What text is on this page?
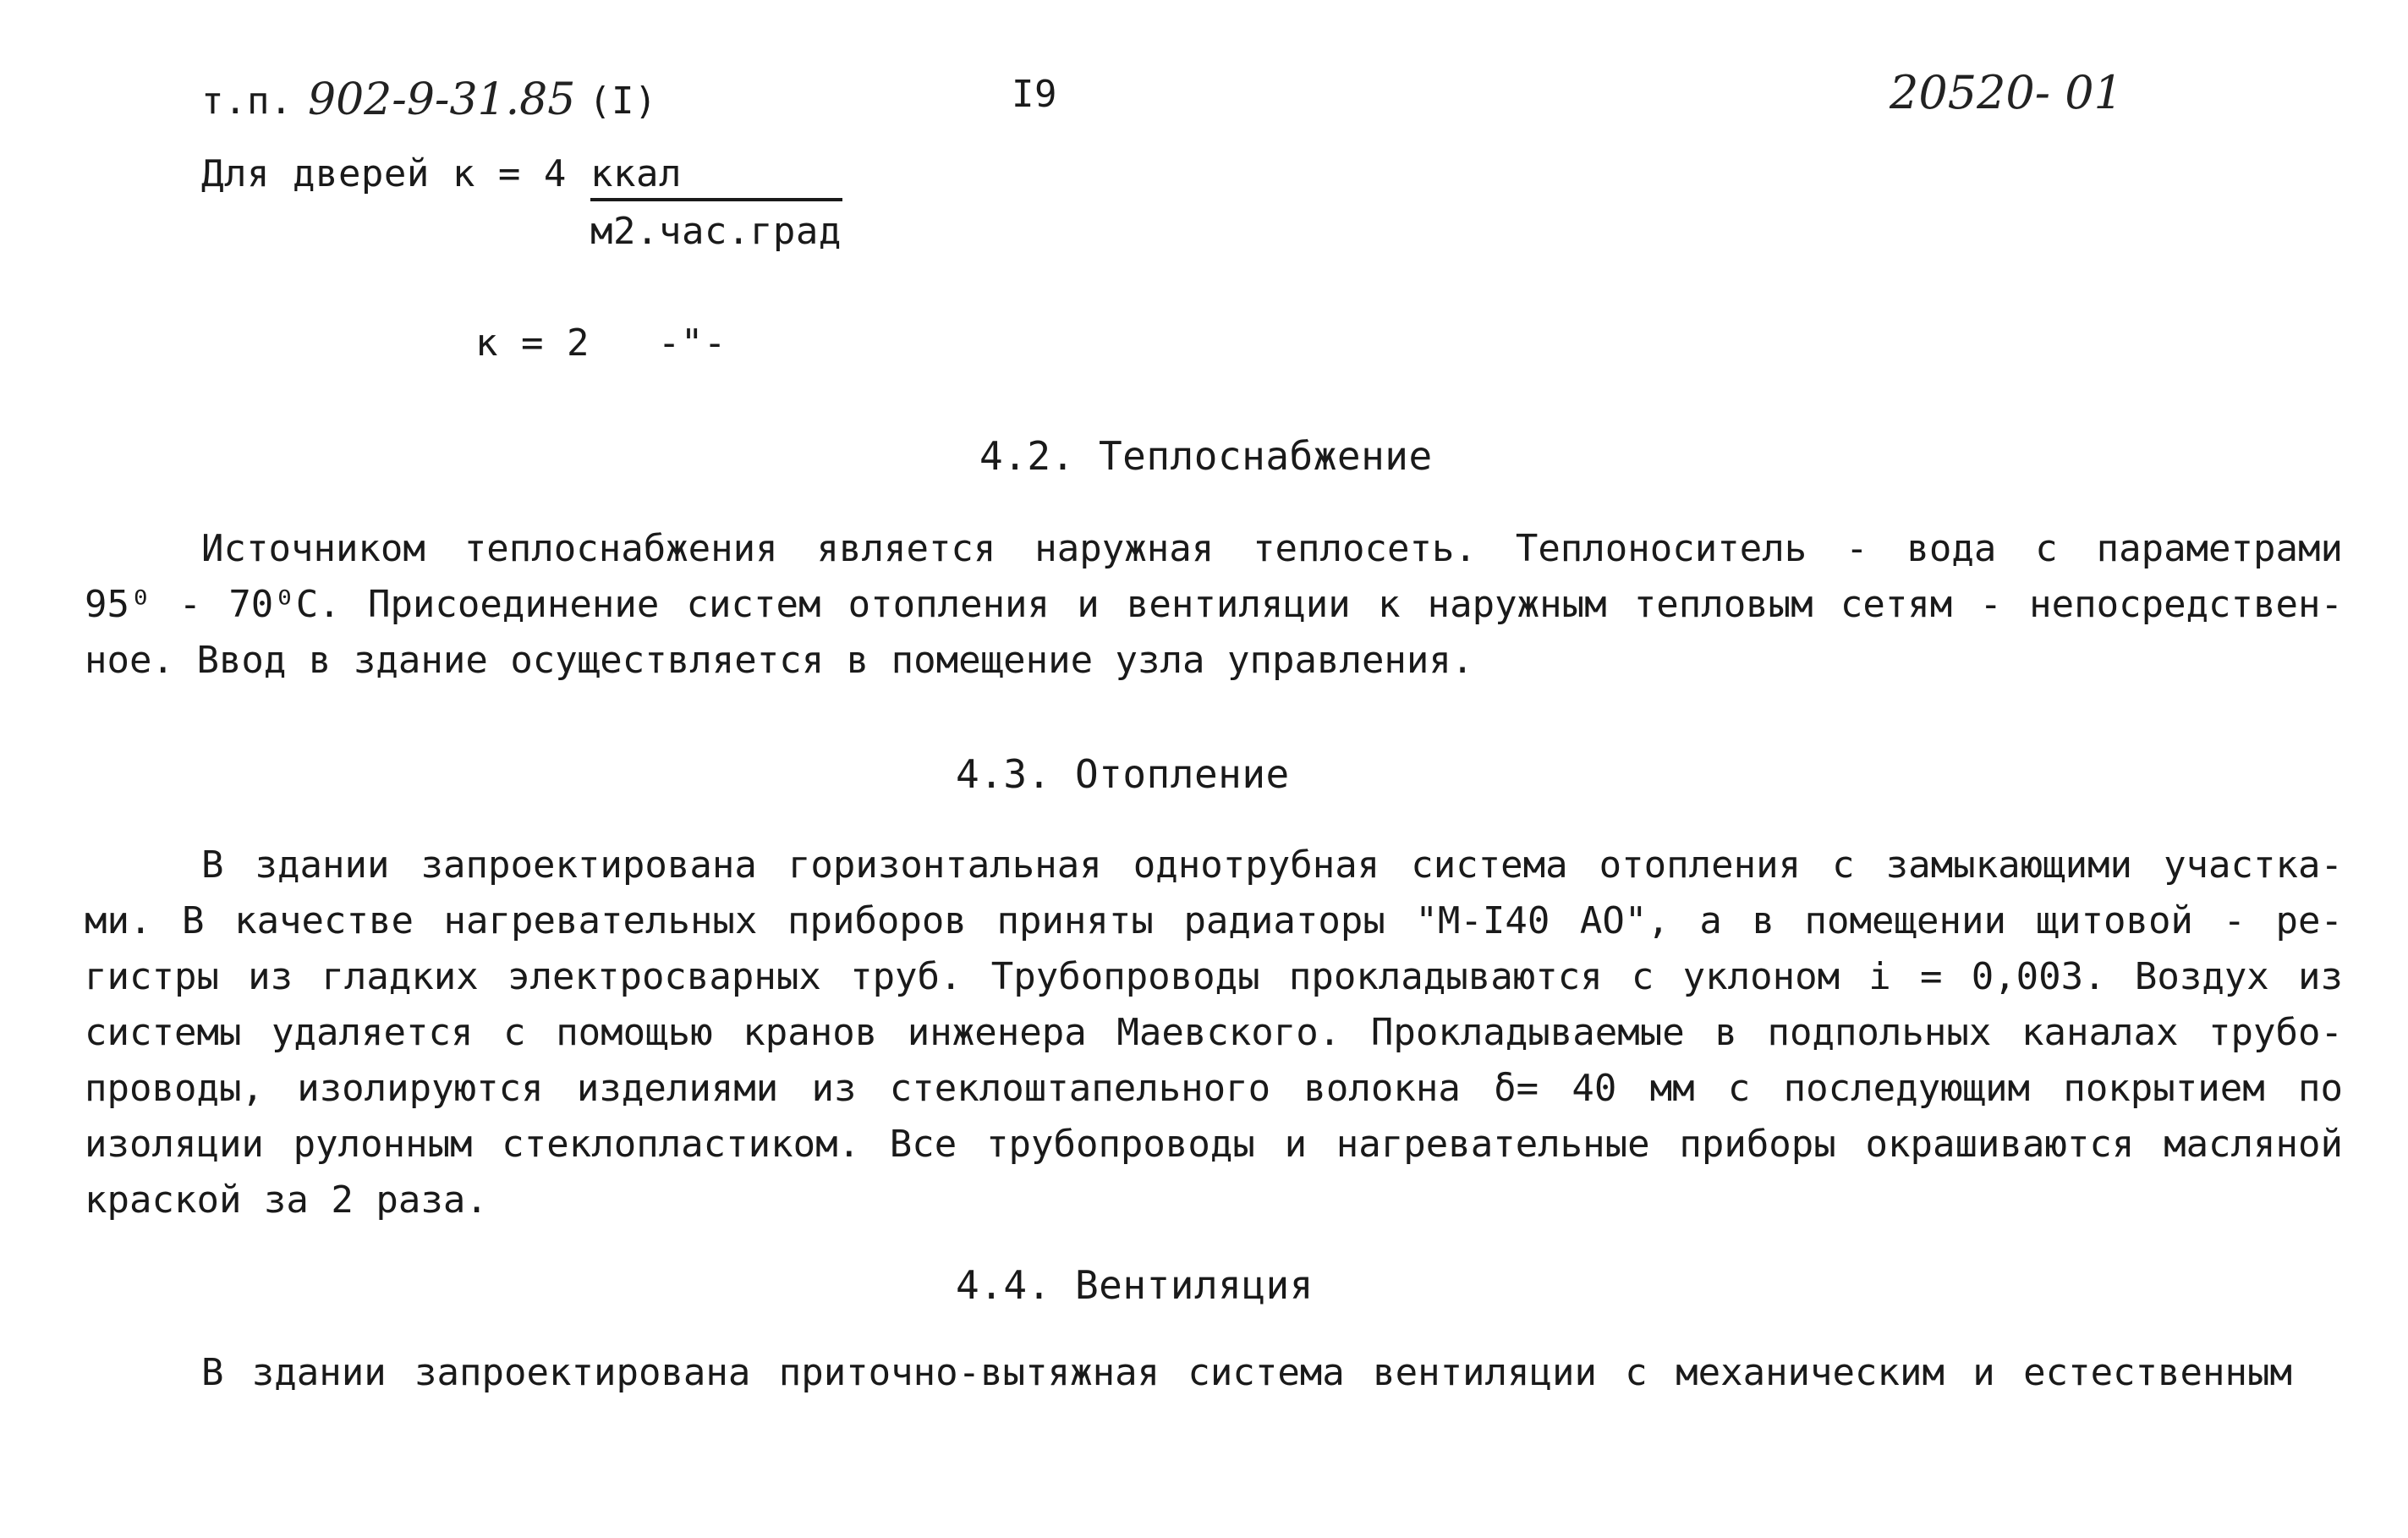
т.п. 902-9-31.85 (I)	I9	20520- 01
Для дверей к = 4 ккал
м2.час.град
к = 2   -"-
4.2. Теплоснабжение
Источником теплоснабжения является наружная теплосеть. Теплоноситель - вода с параметрами
95⁰ - 70⁰С. Присоединение систем отопления и вентиляции к наружным тепловым сетям - непосредствен-
ное. Ввод в здание осуществляется в помещение узла управления.
4.3. Отопление
В здании запроектирована горизонтальная однотрубная система отопления с замыкающими участка-
ми. В качестве нагревательных приборов приняты радиаторы "М-I40 АО", а в помещении щитовой - ре-
гистры из гладких электросварных труб. Трубопроводы прокладываются с уклоном i = 0,003. Воздух из
системы удаляется с помощью кранов инженера Маевского. Прокладываемые в подпольных каналах трубо-
проводы, изолируются изделиями из стеклоштапельного волокна δ= 40 мм с последующим покрытием по
изоляции рулонным стеклопластиком. Все трубопроводы и нагревательные приборы окрашиваются масляной
краской за 2 раза.
4.4. Вентиляция
В здании запроектирована приточно-вытяжная система вентиляции с механическим и естественным
